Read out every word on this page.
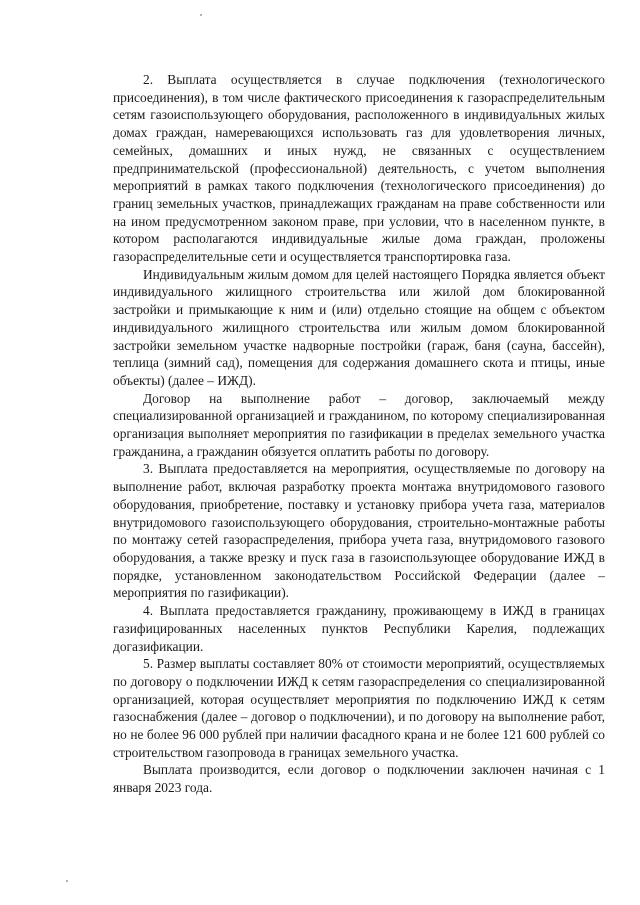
2. Выплата осуществляется в случае подключения (технологического присоединения), в том числе фактического присоединения к газораспределительным сетям газоиспользующего оборудования, расположенного в индивидуальных жилых домах граждан, намеревающихся использовать газ для удовлетворения личных, семейных, домашних и иных нужд, не связанных с осуществлением предпринимательской (профессиональной) деятельность, с учетом выполнения мероприятий в рамках такого подключения (технологического присоединения) до границ земельных участков, принадлежащих гражданам на праве собственности или на ином предусмотренном законом праве, при условии, что в населенном пункте, в котором располагаются индивидуальные жилые дома граждан, проложены газораспределительные сети и осуществляется транспортировка газа.

Индивидуальным жилым домом для целей настоящего Порядка является объект индивидуального жилищного строительства или жилой дом блокированной застройки и примыкающие к ним и (или) отдельно стоящие на общем с объектом индивидуального жилищного строительства или жилым домом блокированной застройки земельном участке надворные постройки (гараж, баня (сауна, бассейн), теплица (зимний сад), помещения для содержания домашнего скота и птицы, иные объекты) (далее – ИЖД).

Договор на выполнение работ – договор, заключаемый между специализированной организацией и гражданином, по которому специализированная организация выполняет мероприятия по газификации в пределах земельного участка гражданина, а гражданин обязуется оплатить работы по договору.

3. Выплата предоставляется на мероприятия, осуществляемые по договору на выполнение работ, включая разработку проекта монтажа внутридомового газового оборудования, приобретение, поставку и установку прибора учета газа, материалов внутридомового газоиспользующего оборудования, строительно-монтажные работы по монтажу сетей газораспределения, прибора учета газа, внутридомового газового оборудования, а также врезку и пуск газа в газоиспользующее оборудование ИЖД в порядке, установленном законодательством Российской Федерации (далее – мероприятия по газификации).

4. Выплата предоставляется гражданину, проживающему в ИЖД в границах газифицированных населенных пунктов Республики Карелия, подлежащих догазификации.

5. Размер выплаты составляет 80% от стоимости мероприятий, осуществляемых по договору о подключении ИЖД к сетям газораспределения со специализированной организацией, которая осуществляет мероприятия по подключению ИЖД к сетям газоснабжения (далее – договор о подключении), и по договору на выполнение работ, но не более 96 000 рублей при наличии фасадного крана и не более 121 600 рублей со строительством газопровода в границах земельного участка.

Выплата производится, если договор о подключении заключен начиная с 1 января 2023 года.
